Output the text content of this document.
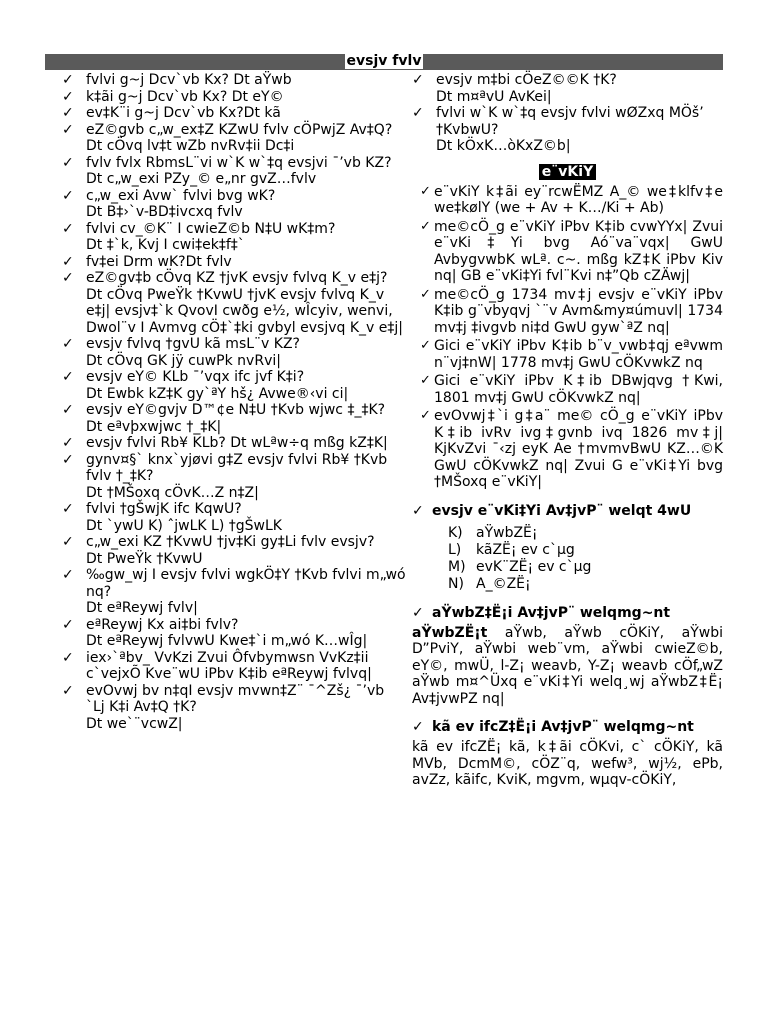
evsjv fvlv
✓ fvlvi g~j Dcv`vb Kx? Dt aŸwb
✓ k‡ãi g~j Dcv`vb Kx? Dt eY©
✓ ev‡K¨i g~j Dcv`vb Kx?Dt kã
✓ eZ©gvb c„w_ex‡Z KZwU fvlv cÖPwjZ Av‡Q?
Dt cÖvq lv‡t wZb nvRv‡ii Dc‡i
✓ fvlv fvlx RbmsL¨vi w`K w`‡q evsjvi ¯’vb KZ?
Dt c„w_exi PZy_© e„nr gvZ…fvlv
✓ c„w_exi Avw` fvlvi bvg wK?
Dt B‡›`v-BD‡ivcxq fvlv
✓ fvlvi cv_©K¨ I cwieZ©b N‡U wK‡m?
Dt ‡`k, Kvj I cwi‡ek‡f‡`
✓ fv‡ei Drm wK?Dt fvlv
✓ eZ©gv‡b cÖvq KZ †jvK evsjv fvlvq K_v e‡j?
Dt cÖvq PweŸk †KvwU †jvK evsjv fvlvq K_v e‡j| evsjv‡`k QvovI cwðg e½, wÎcyiv, wenvi, Dwol¨v I Avmvg cÖ‡`‡ki gvbyl evsjvq K_v e‡j|
✓ evsjv fvlvq †gvU kã msL¨v KZ?
Dt cÖvq GK jÿ cuwPk nvRvi|
✓ evsjv eY© KLb ¯’vqx ifc jvf K‡i?
Dt Ewbk kZ‡K gy`ªY hš¿ Avwe®‹vi ci|
✓ evsjv eY©gvjv D™¢e N‡U †Kvb wjwc ‡_‡K?
Dt eªvþxwjwc †_‡K|
✓ evsjv fvlvi Rb¥ KLb? Dt wLªw÷q mßg kZ‡K|
✓ gynv¤§` knx`yjøvi g‡Z evsjv fvlvi Rb¥ †Kvb fvlv †_‡K?
Dt †MŠoxq cÖvK…Z n‡Z|
✓ fvlvi †gŠwjK ifc KqwU?
Dt `ywU K) ˆjwLK L) †gŠwLK
✓ c„w_exi KZ †KvwU †jv‡Ki gy‡Li fvlv evsjv?
Dt PweŸk †KvwU
✓ ‰gw_wj I evsjv fvlvi wgkÖ‡Y †Kvb fvlvi m„wó nq?
Dt eªReywj fvlv|
✓ eªReywj Kx ai‡bi fvlv?
Dt eªReywj fvlvwU Kwe‡`i m„wó K…wÎg|
✓ iex›`ªbv_ VvKzi Zvui Ôfvbymwsn VvKz‡ii c`vejxÕ Kve¨wU iPbv K‡ib eªReywj fvlvq|
✓ evOvwj bv n‡qI evsjv mvwn‡Z¨ ¯^Zš¿ ¯’vb `Lj K‡i Av‡Q †K?
Dt we`¨vcwZ|
✓ evsjv m‡bi cÖeZ©©K †K?
Dt m¤ªvU AvKei|
✓ fvlvi w`K w`‡q evsjv fvlvi wØZxq MÖš’ †KvbwU?
Dt kÖxK…òKxZ©b|
e¨vKiY
✓ e¨vKiY k‡ãi ey¨rcwËMZ A_© we‡klfv‡e we‡kølY (we + Av + K…/Ki + Ab)
✓ me©cÖ_g e¨vKiY iPbv K‡ib cvwYYx| Zvui e¨vKi‡Yi bvg Aó¨va¨vqx| GwU AvbygvwbK wLª. c~. mßg kZ‡K iPbv Kiv nq| GB e¨vKi‡Yi fvl¨Kvi n‡”Qb cZÄwj|
✓ me©cÖ_g 1734 mv‡j evsjv e¨vKiY iPbv K‡ib g¨vbyqvj `¨v Avm&my¤úmuvl| 1734 mv‡j ‡ivgvb ni‡d GwU gyw`ªZ nq|
✓ Gici e¨vKiY iPbv K‡ib b¨v_vwb‡qj eªvwm n¨vj‡nW| 1778 mv‡j GwU cÖKvwkZ nq
✓ Gici e¨vKiY iPbv K‡ib DBwjqvg †Kwi, 1801 mv‡j GwU cÖKvwkZ nq|
✓ evOvwj‡`i g‡a¨ me© cÖ_g e¨vKiY iPbv K‡ib ivRv ivg‡gvnb ivq 1826 mv‡j| KjKvZvi ¯‹zj eyK Ae †mvmvBwU KZ…©K GwU cÖKvwkZ nq| Zvui G e¨vKi‡Yi bvg †MŠoxq e¨vKiY|
✓ evsjv e¨vKi‡Yi Av‡jvP¨ welqt 4wU
K) aŸwbZË¡
L) kãZË¡ ev c`µg
M) evK¨ZË¡ ev c`µg
N) A_©ZË¡
✓ aŸwbZ‡Ë¡i Av‡jvP¨ welqmg~nt

aŸwbZË¡t aŸwb, aŸwb cÖKiY, aŸwbi D”PviY, aŸwbi web¨vm, aŸwbi cwieZ©b, eY©, mwÜ, l-Z¡ weavb, Y-Z¡ weavb cÖf„wZ aŸwb m¤^Üxq e¨vKi‡Yi welq¸wj aŸwbZ‡Ë¡ Av‡jvwPZ nq|

✓ kã ev ifcZ‡Ë¡i Av‡jvP¨ welqmg~nt

kã ev ifcZË¡ kã, k‡ãi cÖKvi, c` cÖKiY, kã MVb, DcmM©, cÖZ¨q, wefw³, wj½, ePb, avZz, kãifc, KviK, mgvm, wµqv-cÖKiY,
